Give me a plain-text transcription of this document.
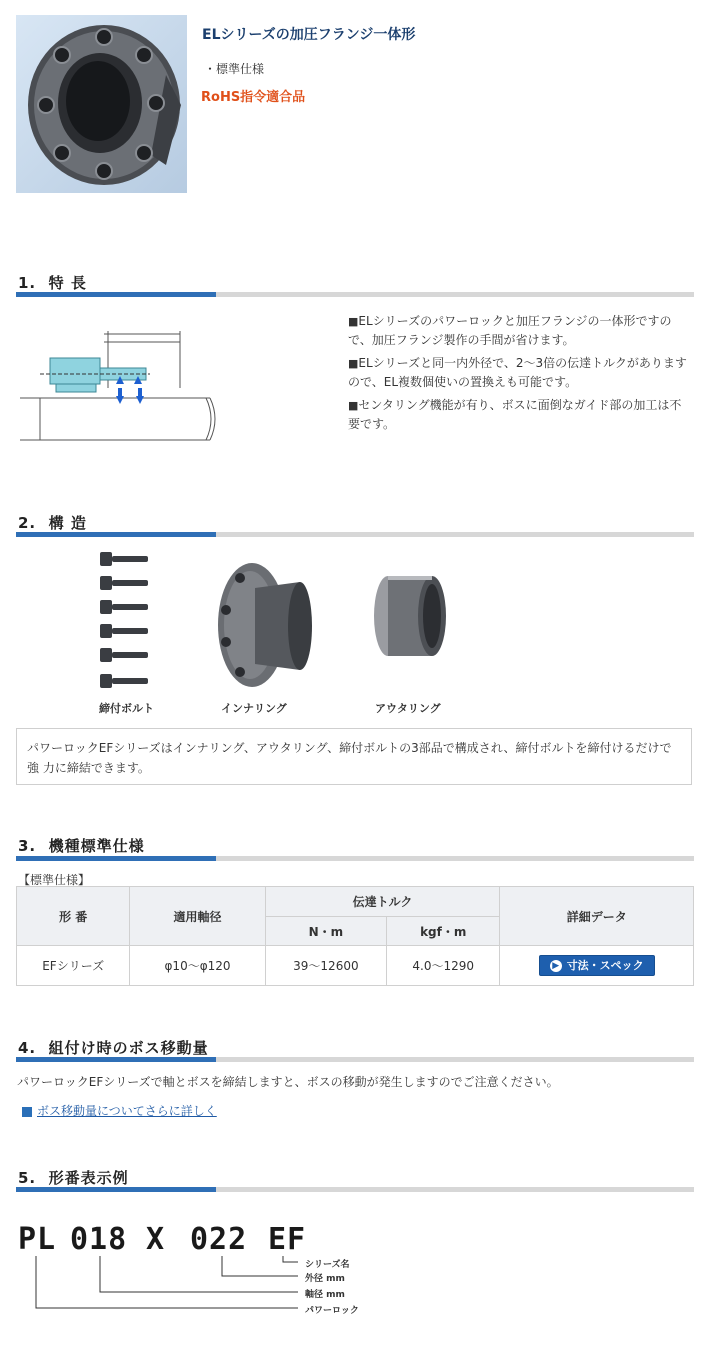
ELシリーズの加圧フランジ一体形
・標準仕様
RoHS指令適合品
1. 特 長
■ELシリーズのパワーロックと加圧フランジの一体形ですので、加圧フランジ製作の手間が省けます。
■ELシリーズと同一内外径で、2〜3倍の伝達トルクがありますので、EL複数個使いの置換えも可能です。
■センタリング機能が有り、ボスに面倒なガイド部の加工は不要です。
2. 構 造
締付ボルト	インナリング	アウタリング
パワーロックEFシリーズはインナリング、アウタリング、締付ボルトの3部品で構成され、締付ボルトを締付けるだけで強 力に締結できます。
3. 機種標準仕様
【標準仕様】
形 番	適用軸径	伝達トルク		詳細データ
		N・m	kgf・m	
EFシリーズ	φ10〜φ120	39〜12600	4.0〜1290	▶ 寸法・スペック
4. 組付け時のボス移動量
パワーロックEFシリーズで軸とボスを締結しますと、ボスの移動が発生しますのでご注意ください。
ボス移動量についてさらに詳しく
5. 形番表示例
PL 018 X 022 EF
シリーズ名
外径 mm
軸径 mm
パワーロック
